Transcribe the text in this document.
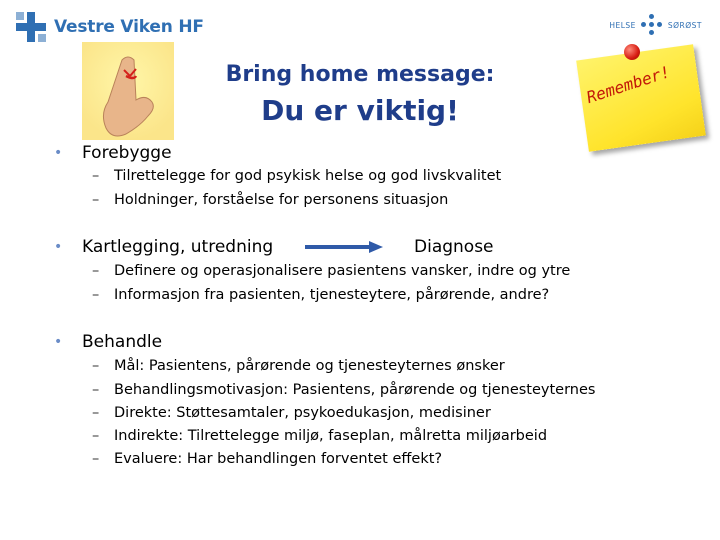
Vestre Viken HF	HELSE	SØRØST
Bring home message:
Du er viktig!
Remember!
•	Forebygge
–	Tilrettelegge for god psykisk helse og god livskvalitet
–	Holdninger, forståelse for personens situasjon
•	Kartlegging, utredning	Diagnose
–	Definere og operasjonalisere pasientens vansker, indre og ytre
–	Informasjon fra pasienten, tjenesteytere, pårørende, andre?
•	Behandle
–	Mål: Pasientens, pårørende og tjenesteyternes ønsker
–	Behandlingsmotivasjon: Pasientens, pårørende og tjenesteyternes
–	Direkte: Støttesamtaler, psykoedukasjon, medisiner
–	Indirekte: Tilrettelegge miljø, faseplan, målretta miljøarbeid
–	Evaluere: Har behandlingen forventet effekt?
